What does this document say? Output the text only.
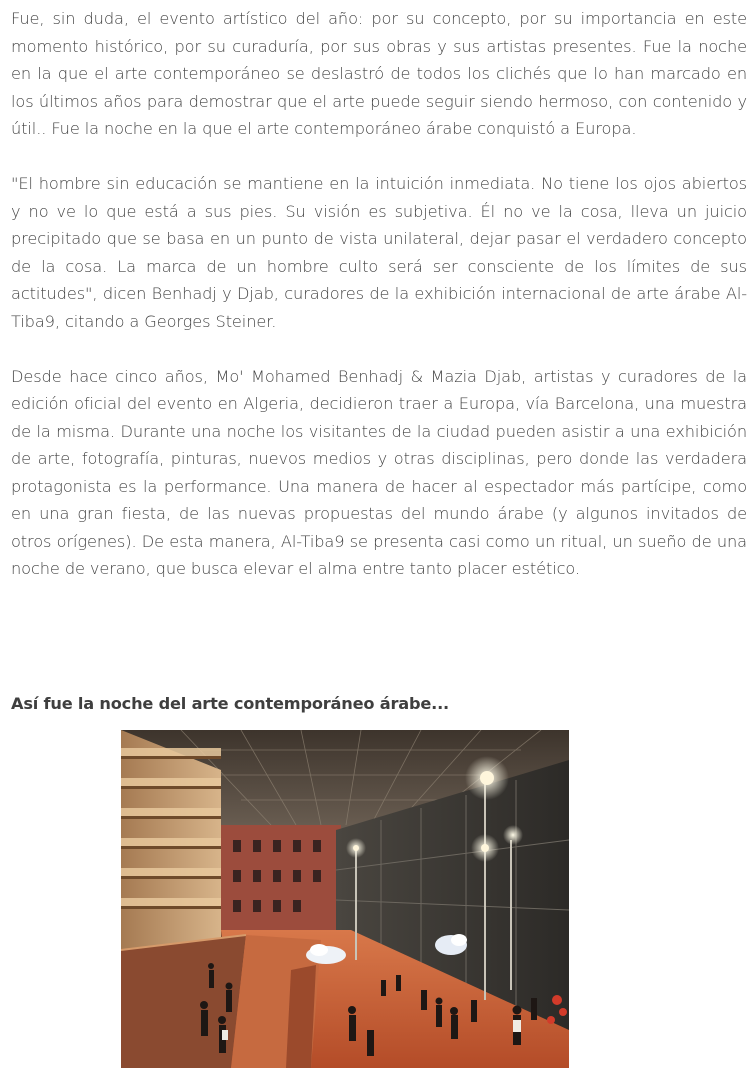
Fue, sin duda, el evento artístico del año: por su concepto, por su importancia en este momento histórico, por su curaduría, por sus obras y sus artistas presentes. Fue la noche en la que el arte contemporáneo se deslastró de todos los clichés que lo han marcado en los últimos años para demostrar que el arte puede seguir siendo hermoso, con contenido y útil.. Fue la noche en la que el arte contemporáneo árabe conquistó a Europa.

"El hombre sin educación se mantiene en la intuición inmediata. No tiene los ojos abiertos y no ve lo que está a sus pies. Su visión es subjetiva. Él no ve la cosa, lleva un juicio precipitado que se basa en un punto de vista unilateral, dejar pasar el verdadero concepto de la cosa. La marca de un hombre culto será ser consciente de los límites de sus actitudes", dicen Benhadj y Djab, curadores de la exhibición internacional de arte árabe Al-Tiba9, citando a Georges Steiner.

Desde hace cinco años, Mo' Mohamed Benhadj & Mazia Djab, artistas y curadores de la edición oficial del evento en Algeria, decidieron traer a Europa, vía Barcelona, una muestra de la misma. Durante una noche los visitantes de la ciudad pueden asistir a una exhibición de arte, fotografía, pinturas, nuevos medios y otras disciplinas, pero donde las verdadera protagonista es la performance. Una manera de hacer al espectador más partícipe, como en una gran fiesta, de las nuevas propuestas del mundo árabe (y algunos invitados de otros orígenes). De esta manera, Al-Tiba9 se presenta casi como un ritual, un sueño de una noche de verano, que busca elevar el alma entre tanto placer estético.

Así fue la noche del arte contemporáneo árabe...
